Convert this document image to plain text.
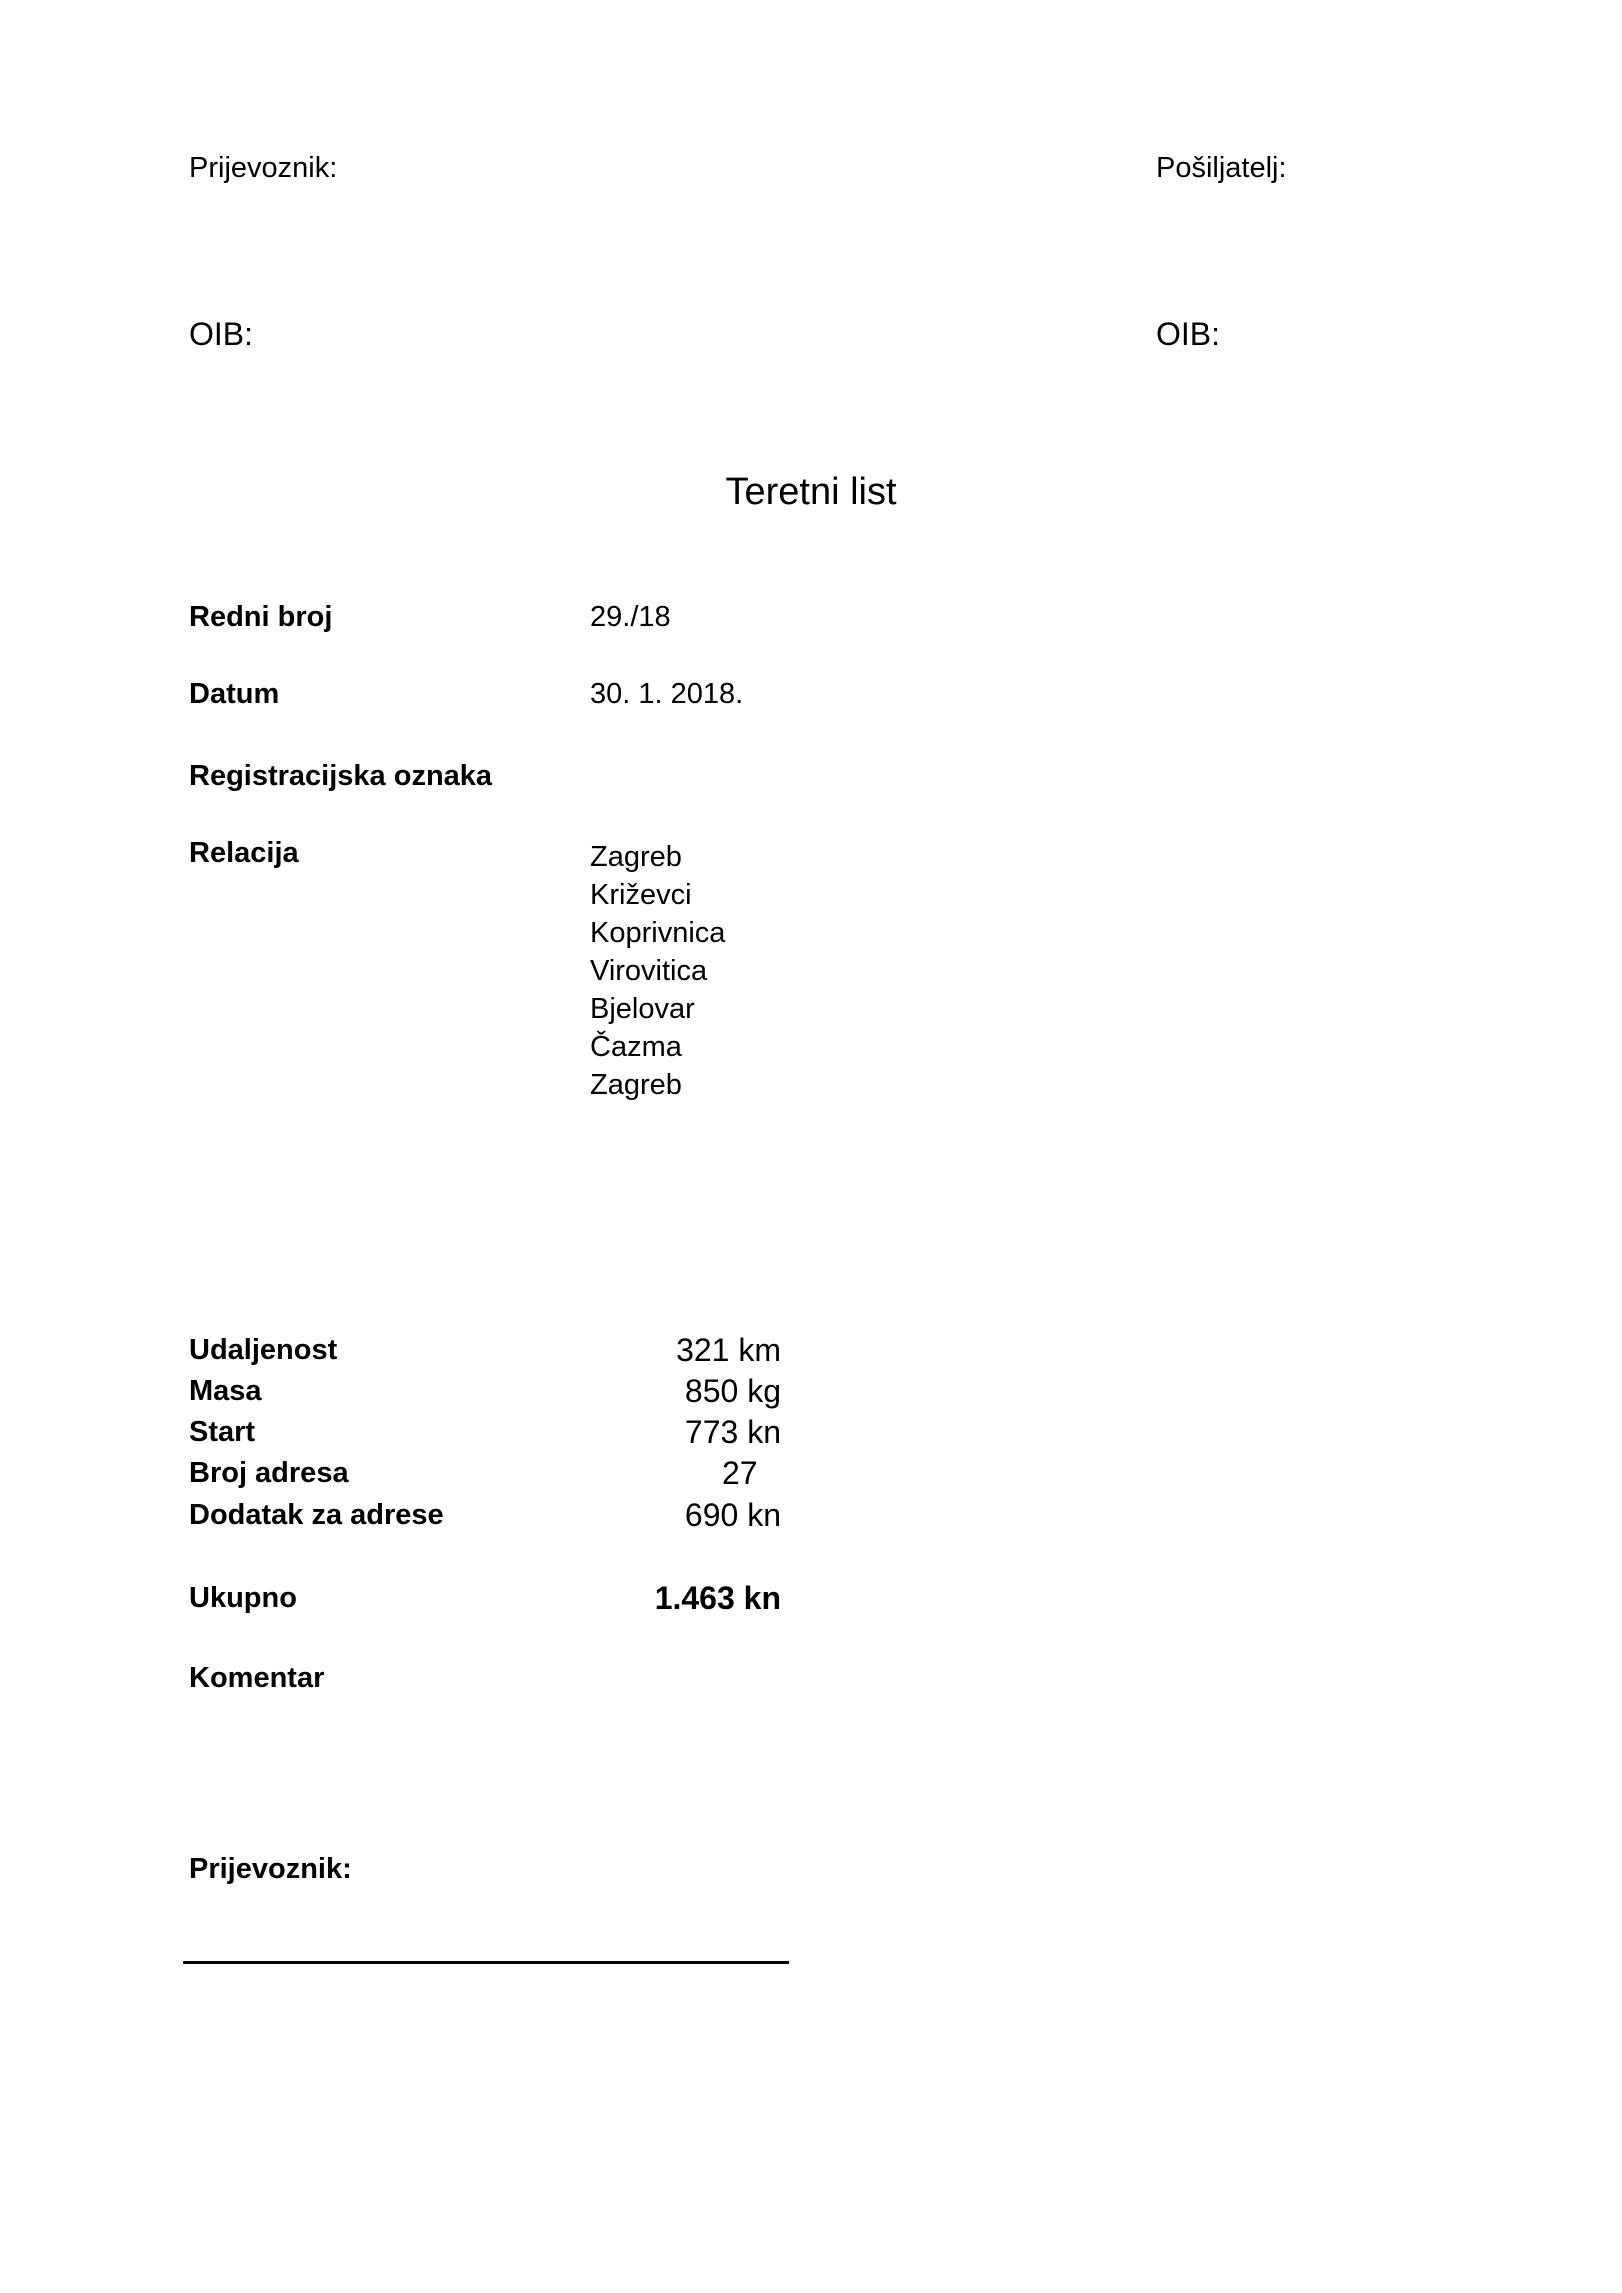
Prijevoznik:	Pošiljatelj:
OIB:	OIB:
Teretni list
Redni broj	29./18
Datum	30. 1. 2018.
Registracijska oznaka
Relacija	Zagreb
Križevci
Koprivnica
Virovitica
Bjelovar
Čazma
Zagreb
Udaljenost	321 km
Masa	850 kg
Start	773 kn
Broj adresa	27
Dodatak za adrese	690 kn
Ukupno	1.463 kn
Komentar
Prijevoznik:
